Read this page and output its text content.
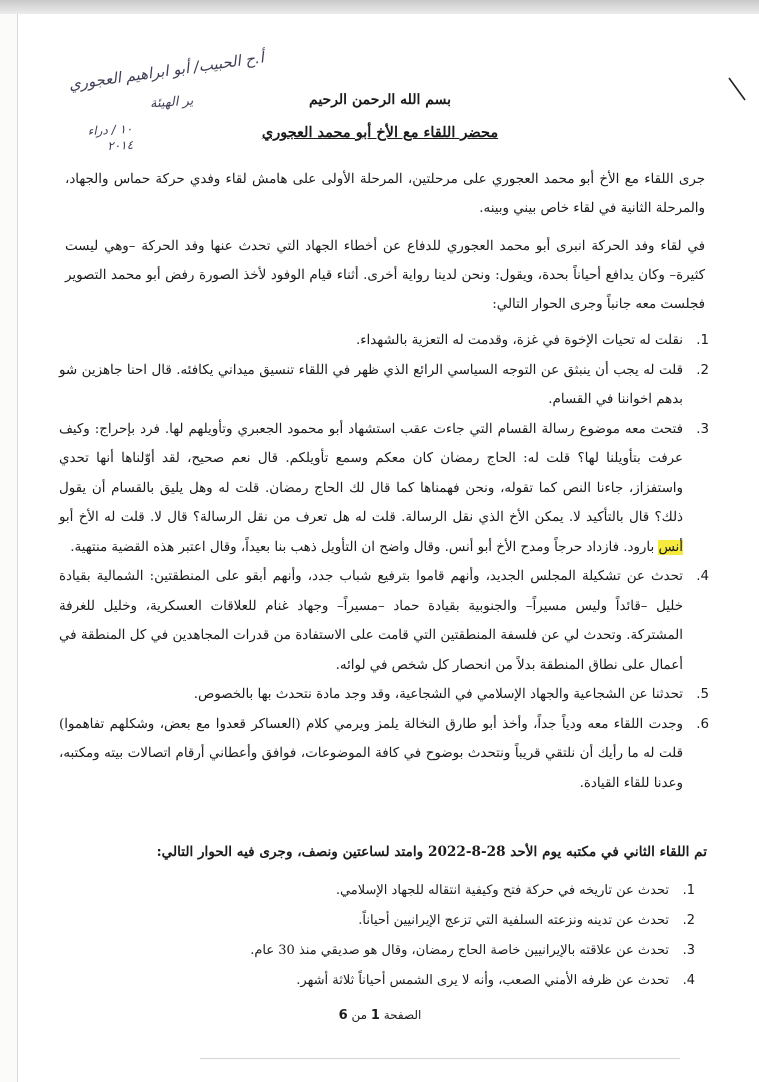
أ.ح الحبيب/ أبو ابراهيم العجوري
ير الهيئة
١٠ / دراء
٢٠١٤
بسم الله الرحمن الرحيم
محضر اللقاء مع الأخ أبو محمد العجوري
جرى اللقاء مع الأخ أبو محمد العجوري على مرحلتين، المرحلة الأولى على هامش لقاء وفدي حركة حماس والجهاد، والمرحلة الثانية في لقاء خاص بيني وبينه.
في لقاء وفد الحركة انبرى أبو محمد العجوري للدفاع عن أخطاء الجهاد التي تحدث عنها وفد الحركة –وهي ليست كثيرة– وكان يدافع أحياناً بحدة، ويقول: ونحن لدينا رواية أخرى. أثناء قيام الوفود لأخذ الصورة رفض أبو محمد التصوير فجلست معه جانباً وجرى الحوار التالي:
.1
نقلت له تحيات الإخوة في غزة، وقدمت له التعزية بالشهداء.
.2
قلت له يجب أن ينبثق عن التوجه السياسي الرائع الذي ظهر في اللقاء تنسيق ميداني يكافئه. قال احنا جاهزين شو بدهم اخواننا في القسام.
.3
فتحت معه موضوع رسالة القسام التي جاءت عقب استشهاد أبو محمود الجعبري وتأويلهم لها. فرد بإحراج: وكيف عرفت بتأويلنا لها؟ قلت له: الحاج رمضان كان معكم وسمع تأويلكم. قال نعم صحيح، لقد أوّلناها أنها تحدي واستفزاز، جاءنا النص كما تقوله، ونحن فهمناها كما قال لك الحاج رمضان. قلت له وهل يليق بالقسام أن يقول ذلك؟ قال بالتأكيد لا. يمكن الأخ الذي نقل الرسالة. قلت له هل تعرف من نقل الرسالة؟ قال لا. قلت له الأخ أبو أنس بارود. فازداد حرجاً ومدح الأخ أبو أنس. وقال واضح ان التأويل ذهب بنا بعيداً، وقال اعتبر هذه القضية منتهية.
.4
تحدث عن تشكيلة المجلس الجديد، وأنهم قاموا بترفيع شباب جدد، وأنهم أبقو على المنطقتين: الشمالية بقيادة خليل –قائداً وليس مسيراً– والجنوبية بقيادة حماد –مسيراً– وجهاد غنام للعلاقات العسكرية، وخليل للغرفة المشتركة. وتحدث لي عن فلسفة المنطقتين التي قامت على الاستفادة من قدرات المجاهدين في كل المنطقة في أعمال على نطاق المنطقة بدلاً من انحصار كل شخص في لوائه.
.5
تحدثنا عن الشجاعية والجهاد الإسلامي في الشجاعية، وقد وجد مادة نتحدث بها بالخصوص.
.6
وجدت اللقاء معه ودياً جداً، وأخذ أبو طارق النخالة يلمز ويرمي كلام (العساكر قعدوا مع بعض، وشكلهم تفاهموا) قلت له ما رأيك أن نلتقي قريباً ونتحدث بوضوح في كافة الموضوعات، فوافق وأعطاني أرقام اتصالات بيته ومكتبه، وعدنا للقاء القيادة.
تم اللقاء الثاني في مكتبه يوم الأحد 28-8-2022 وامتد لساعتين ونصف، وجرى فيه الحوار التالي:
.1
تحدث عن تاريخه في حركة فتح وكيفية انتقاله للجهاد الإسلامي.
.2
تحدث عن تدينه ونزعته السلفية التي تزعج الإيرانيين أحياناً.
.3
تحدث عن علاقته بالإيرانيين خاصة الحاج رمضان، وقال هو صديقي منذ 30 عام.
.4
تحدث عن ظرفه الأمني الصعب، وأنه لا يرى الشمس أحياناً ثلاثة أشهر.
الصفحة 1 من 6
